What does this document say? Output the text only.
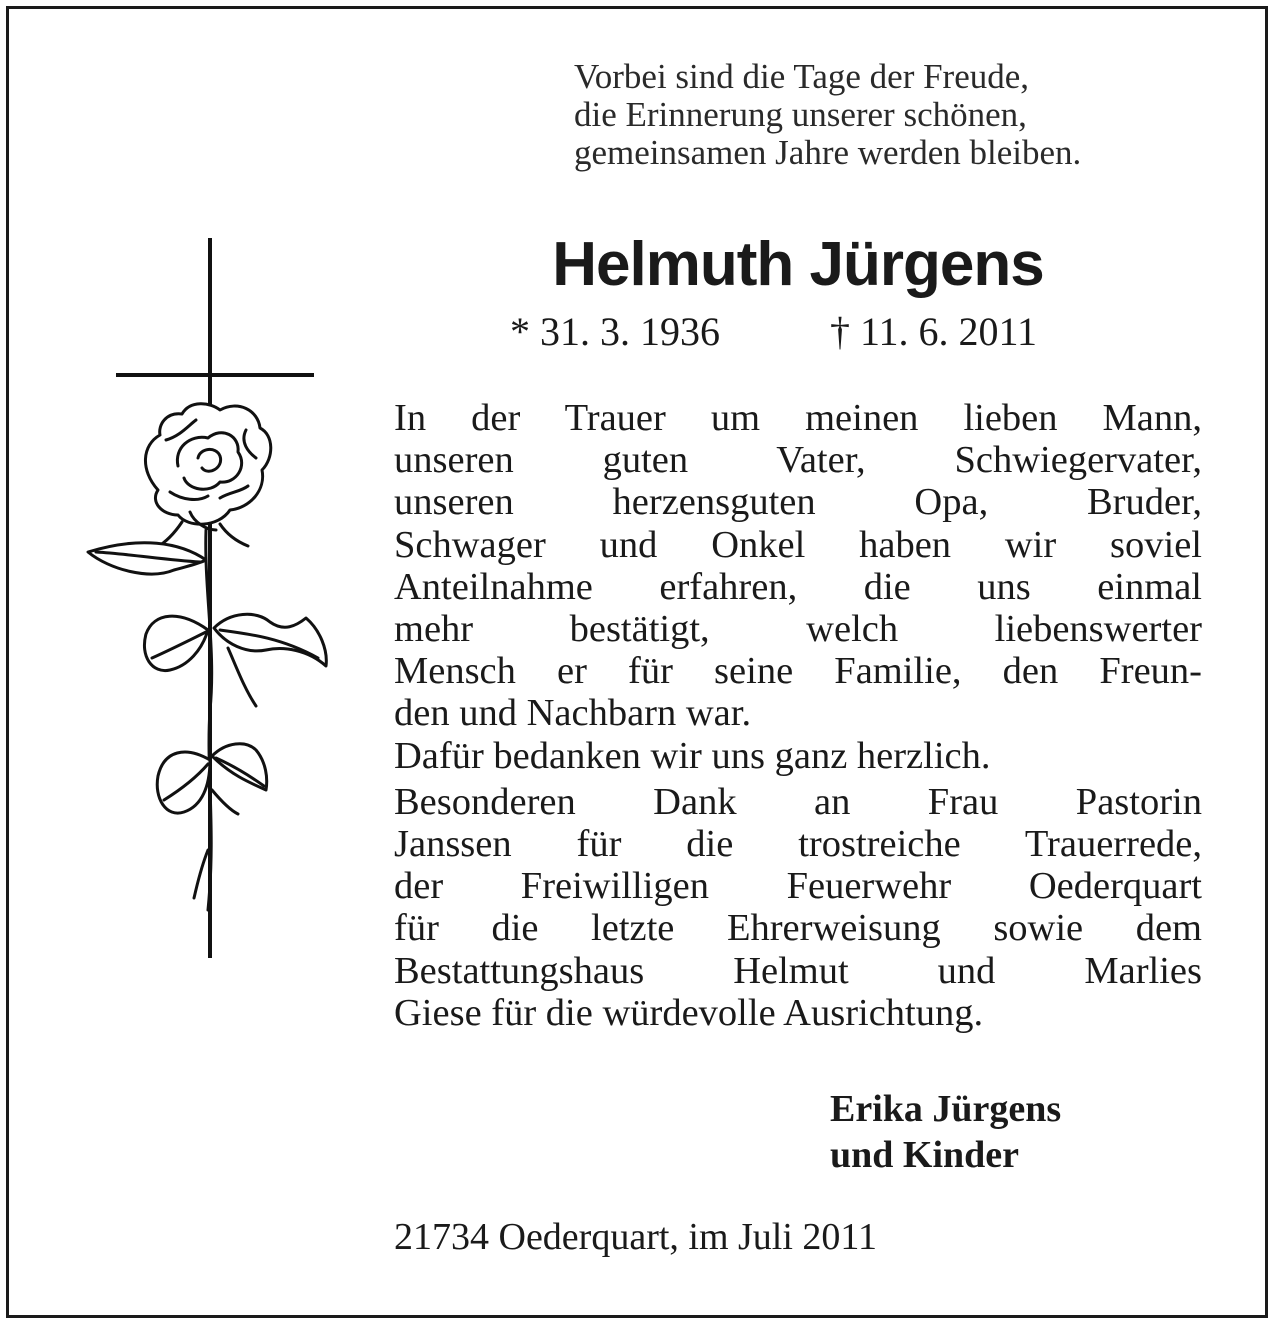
Vorbei sind die Tage der Freude,
die Erinnerung unserer schönen,
gemeinsamen Jahre werden bleiben.
Helmuth Jürgens
* 31. 3. 1936	† 11. 6. 2011
In der Trauer um meinen lieben Mann,
unseren guten Vater, Schwiegervater,
unseren herzensguten Opa, Bruder,
Schwager und Onkel haben wir soviel
Anteilnahme erfahren, die uns einmal
mehr bestätigt, welch liebenswerter
Mensch er für seine Familie, den Freun-
den und Nachbarn war.
Dafür bedanken wir uns ganz herzlich.
Besonderen Dank an Frau Pastorin
Janssen für die trostreiche Trauerrede,
der Freiwilligen Feuerwehr Oederquart
für die letzte Ehrerweisung sowie dem
Bestattungshaus Helmut und Marlies
Giese für die würdevolle Ausrichtung.
Erika Jürgens
und Kinder
21734 Oederquart, im Juli 2011
